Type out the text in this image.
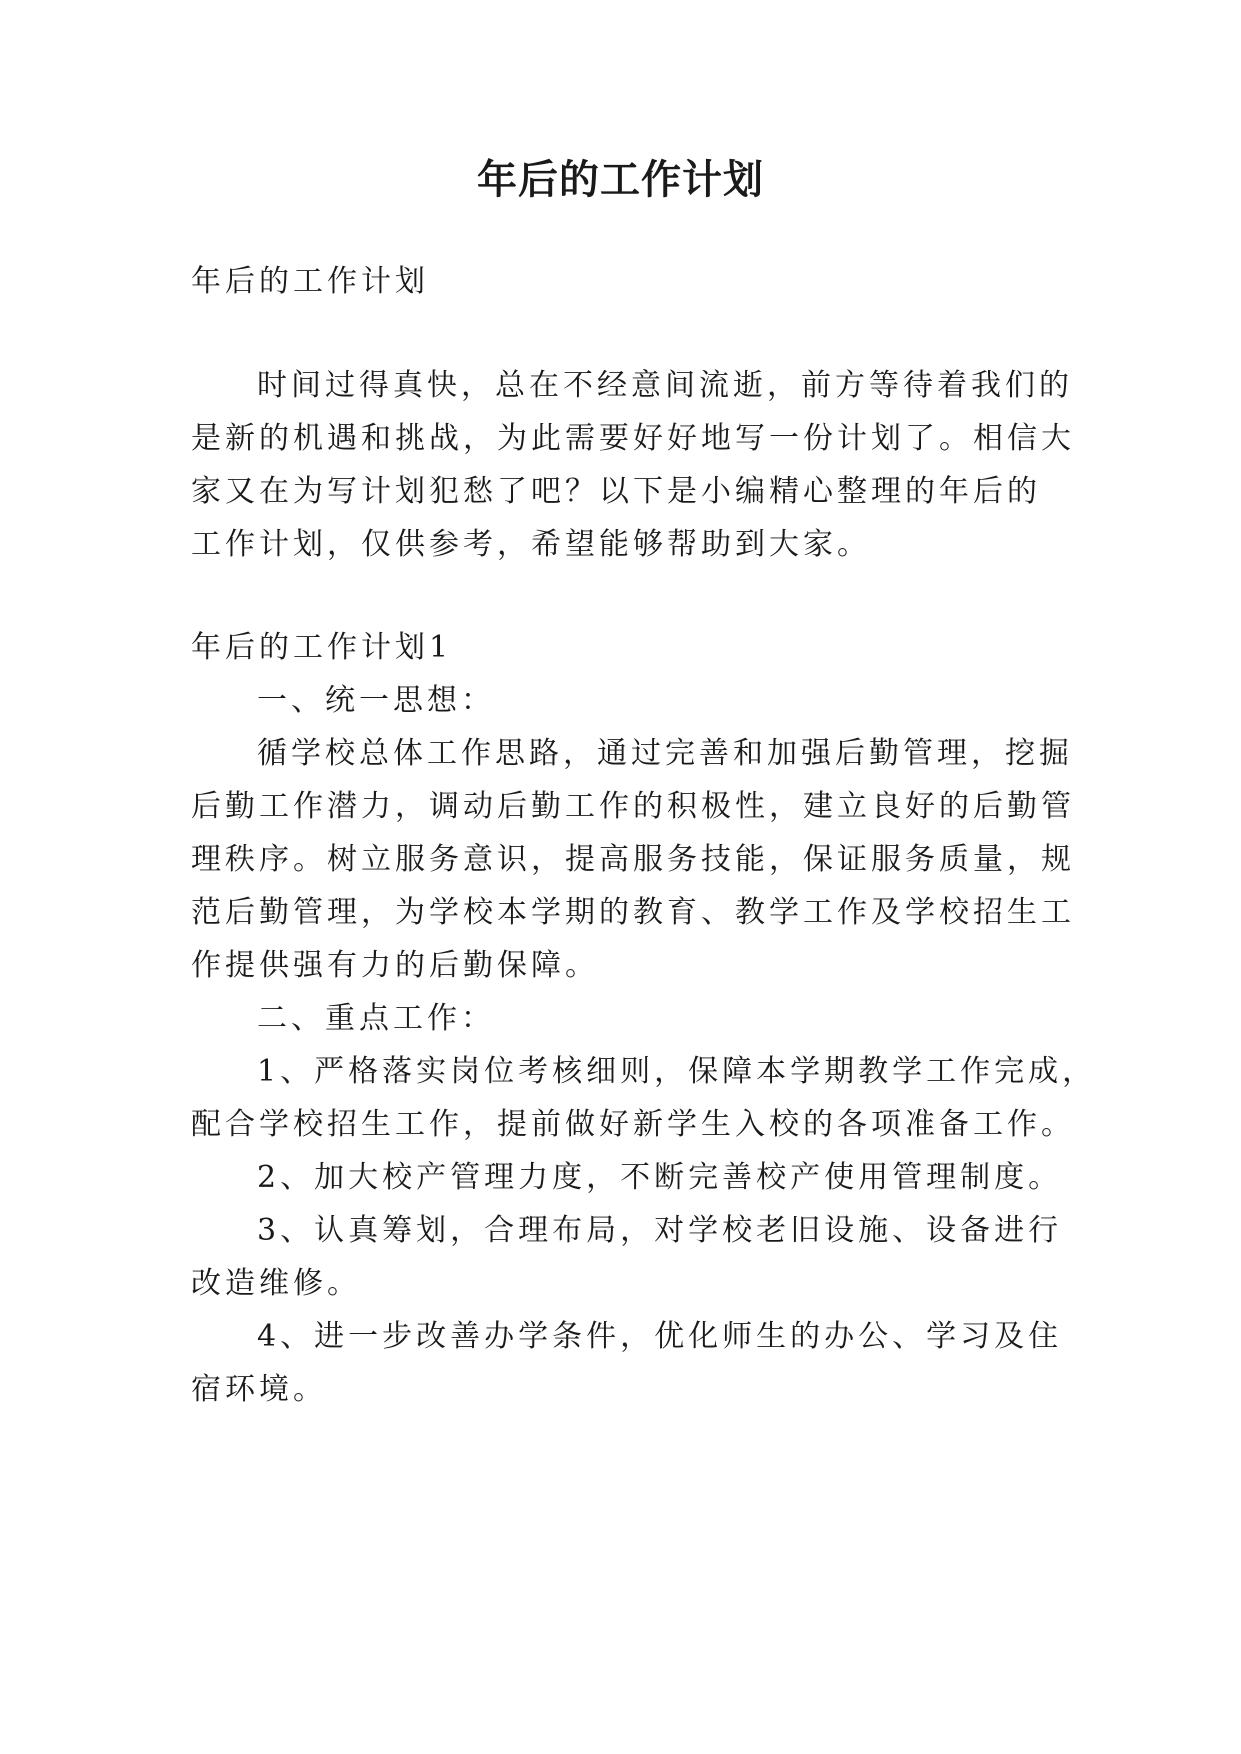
年后的工作计划

年后的工作计划

时间过得真快，总在不经意间流逝，前方等待着我们的

是新的机遇和挑战，为此需要好好地写一份计划了。相信大

家又在为写计划犯愁了吧？以下是小编精心整理的年后的

工作计划，仅供参考，希望能够帮助到大家。

年后的工作计划1

一、统一思想：

循学校总体工作思路，通过完善和加强后勤管理，挖掘

后勤工作潜力，调动后勤工作的积极性，建立良好的后勤管

理秩序。树立服务意识，提高服务技能，保证服务质量，规

范后勤管理，为学校本学期的教育、教学工作及学校招生工

作提供强有力的后勤保障。

二、重点工作：

1、严格落实岗位考核细则，保障本学期教学工作完成，

配合学校招生工作，提前做好新学生入校的各项准备工作。

2、加大校产管理力度，不断完善校产使用管理制度。

3、认真筹划，合理布局，对学校老旧设施、设备进行

改造维修。

4、进一步改善办学条件，优化师生的办公、学习及住

宿环境。
